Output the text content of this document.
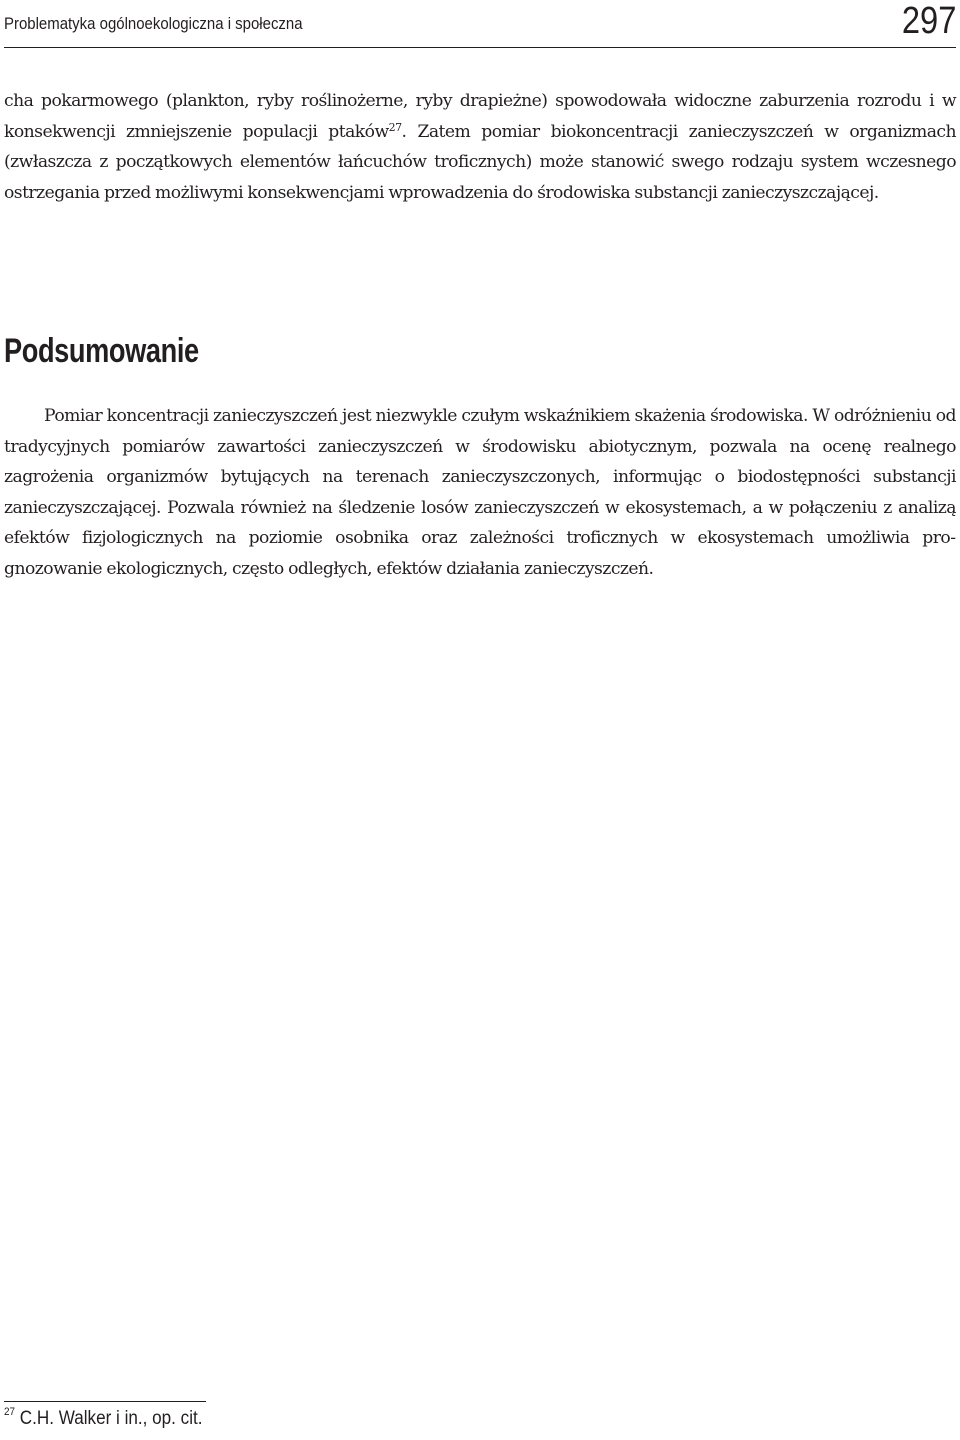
Problematyka ogólnoekologiczna i społeczna	297

cha pokarmowego (plankton, ryby roślinożerne, ryby drapieżne) spowodowała widoczne zaburzenia rozrodu i w konsekwencji zmniejszenie populacji ptaków$^{27}$. Zatem pomiar biokoncentracji zanieczyszczeń w organizmach (zwłaszcza z początkowych elementów łańcuchów troficznych) może stanowić swego rodzaju system wczesnego ostrzegania przed możliwymi konsekwencjami wprowadzenia do środowiska substancji zanieczyszczającej.

Podsumowanie

Pomiar koncentracji zanieczyszczeń jest niezwykle czułym wskaźnikiem skażenia środowiska. W odróżnieniu od tradycyjnych pomiarów zawartości zanieczyszczeń w środowisku abiotycznym, pozwala na ocenę realnego zagrożenia organizmów bytujących na terenach zanieczyszczonych, informując o biodostępności substancji zanieczyszczającej. Pozwala również na śledzenie losów zanieczyszczeń w ekosystemach, a w połączeniu z analizą efektów fizjologicznych na poziomie osobnika oraz zależności troficznych w ekosystemach umożliwia prognozowanie ekologicznych, często odległych, efektów działania zanieczyszczeń.

$^{27}$ C.H. Walker i in., op. cit.
